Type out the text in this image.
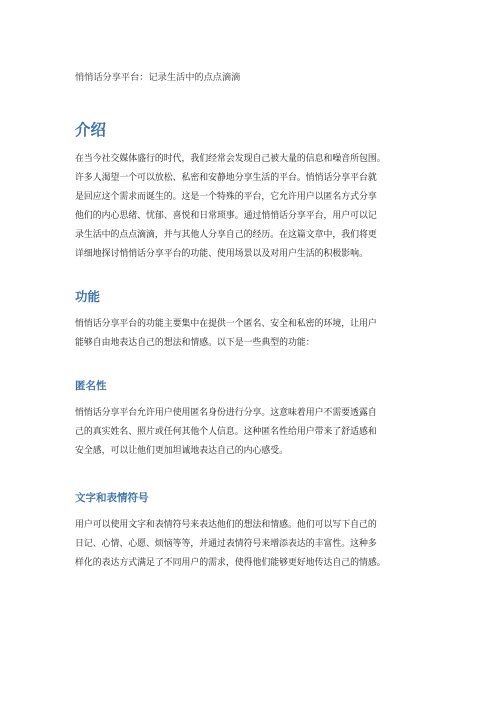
悄悄话分享平台：记录生活中的点点滴滴
介绍
在当今社交媒体盛行的时代，我们经常会发现自己被大量的信息和噪音所包围。
许多人渴望一个可以放松、私密和安静地分享生活的平台。悄悄话分享平台就
是回应这个需求而诞生的。这是一个特殊的平台，它允许用户以匿名方式分享
他们的内心思绪、忧郁、喜悦和日常琐事。通过悄悄话分享平台，用户可以记
录生活中的点点滴滴，并与其他人分享自己的经历。在这篇文章中，我们将更
详细地探讨悄悄话分享平台的功能、使用场景以及对用户生活的积极影响。
功能
悄悄话分享平台的功能主要集中在提供一个匿名、安全和私密的环境，让用户
能够自由地表达自己的想法和情感。以下是一些典型的功能：
匿名性
悄悄话分享平台允许用户使用匿名身份进行分享。这意味着用户不需要透露自
己的真实姓名、照片或任何其他个人信息。这种匿名性给用户带来了舒适感和
安全感，可以让他们更加坦诚地表达自己的内心感受。
文字和表情符号
用户可以使用文字和表情符号来表达他们的想法和情感。他们可以写下自己的
日记、心情、心愿、烦恼等等，并通过表情符号来增添表达的丰富性。这种多
样化的表达方式满足了不同用户的需求，使得他们能够更好地传达自己的情感。
